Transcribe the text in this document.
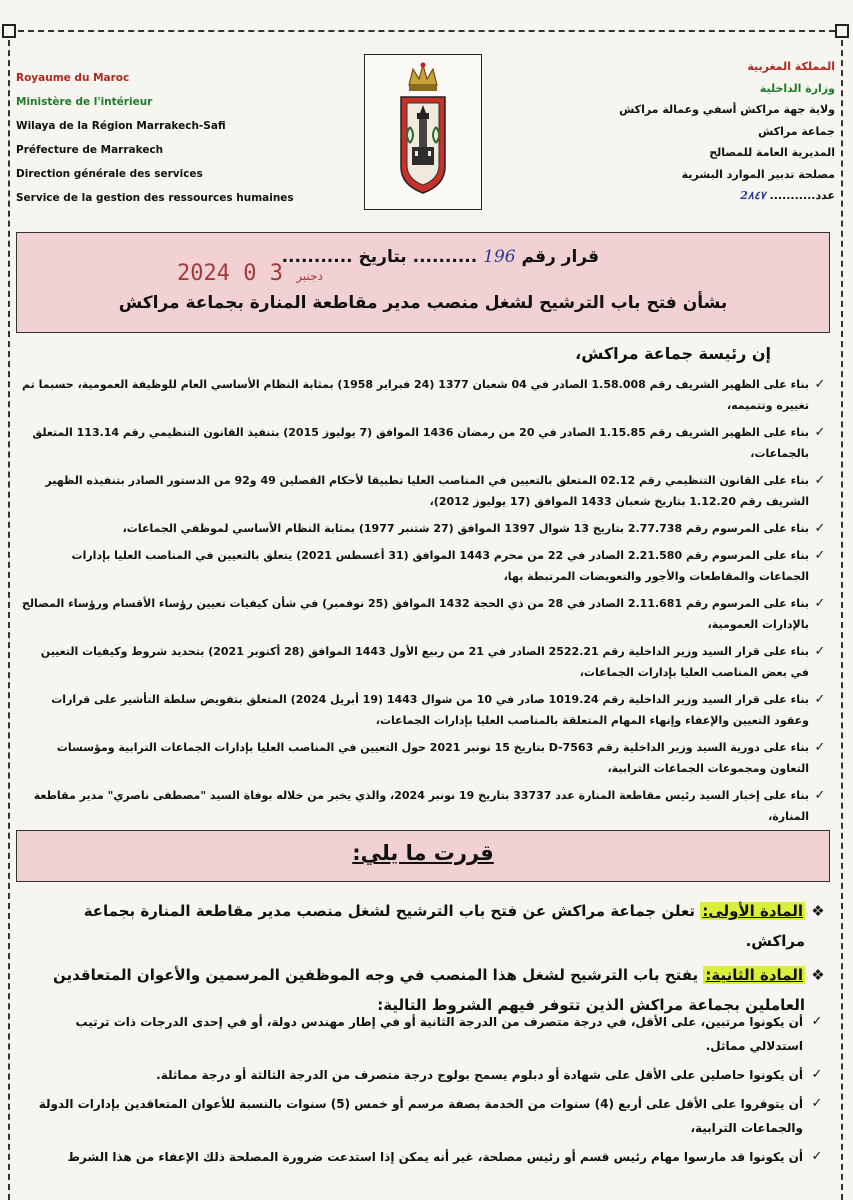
Royaume du Maroc
Ministère de l'intérieur
Wilaya de la Région Marrakech-Safi
Préfecture de Marrakech
Direction générale des services
Service de la gestion des ressources humaines
المملكة المغربية
وزارة الداخلية
ولاية جهة مراكش أسفي وعمالة مراكش
جماعة مراكش
المديرية العامة للمصالح
مصلحة تدبير الموارد البشرية
عدد........... 2٨٤٧
قرار رقم 196 .......... بتاريخ ...........
2024	دجنبر 3 0
بشأن فتح باب الترشيح لشغل منصب مدير مقاطعة المنارة بجماعة مراكش
إن رئيسة جماعة مراكش،
✓
بناء على الظهير الشريف رقم 1.58.008 الصادر في 04 شعبان 1377 (24 فبراير 1958) بمثابة النظام الأساسي العام للوظيفة العمومية، حسبما تم تغييره وتتميمه،
✓
بناء على الظهير الشريف رقم 1.15.85 الصادر في 20 من رمضان 1436 الموافق (7 يوليوز 2015) بتنفيذ القانون التنظيمي رقم 113.14 المتعلق بالجماعات،
✓
بناء على القانون التنظيمي رقم 02.12 المتعلق بالتعيين في المناصب العليا تطبيقا لأحكام الفصلين 49 و92 من الدستور الصادر بتنفيذه الظهير الشريف رقم 1.12.20 بتاريخ شعبان 1433 الموافق (17 يوليوز 2012)،
✓
بناء على المرسوم رقم 2.77.738 بتاريخ 13 شوال 1397 الموافق (27 شتنبر 1977) بمثابة النظام الأساسي لموظفي الجماعات،
✓
بناء على المرسوم رقم 2.21.580 الصادر في 22 من محرم 1443 الموافق (31 أغسطس 2021) يتعلق بالتعيين في المناصب العليا بإدارات الجماعات والمقاطعات والأجور والتعويضات المرتبطة بها،
✓
بناء على المرسوم رقم 2.11.681 الصادر في 28 من ذي الحجة 1432 الموافق (25 نوفمبر) في شأن كيفيات تعيين رؤساء الأقسام ورؤساء المصالح بالإدارات العمومية،
✓
بناء على قرار السيد وزير الداخلية رقم 2522.21 الصادر في 21 من ربيع الأول 1443 الموافق (28 أكتوبر 2021) بتحديد شروط وكيفيات التعيين في بعض المناصب العليا بإدارات الجماعات،
✓
بناء على قرار السيد وزير الداخلية رقم 1019.24 صادر في 10 من شوال 1443 (19 أبريل 2024) المتعلق بتفويض سلطة التأشير على قرارات وعقود التعيين والإعفاء وإنهاء المهام المتعلقة بالمناصب العليا بإدارات الجماعات،
✓
بناء على دورية السيد وزير الداخلية رقم D-7563 بتاريخ 15 نونبر 2021 حول التعيين في المناصب العليا بإدارات الجماعات الترابية ومؤسسات التعاون ومجموعات الجماعات الترابية،
✓
بناء على إخبار السيد رئيس مقاطعة المنارة عدد 33737 بتاريخ 19 نونبر 2024، والذي يخبر من خلاله بوفاة السيد "مصطفى ناصري" مدير مقاطعة المنارة،
قررت ما يلي:
❖
المادة الأولى: تعلن جماعة مراكش عن فتح باب الترشيح لشغل منصب مدير مقاطعة المنارة بجماعة مراكش.
❖
المادة الثانية: يفتح باب الترشيح لشغل هذا المنصب في وجه الموظفين المرسمين والأعوان المتعاقدين العاملين بجماعة مراكش الذين تتوفر فيهم الشروط التالية:
✓
أن يكونوا مرتبين، على الأقل، في درجة متصرف من الدرجة الثانية أو في إطار مهندس دولة، أو في إحدى الدرجات ذات ترتيب استدلالي مماثل.
✓
أن يكونوا حاصلين على الأقل على شهادة أو دبلوم يسمح بولوج درجة متصرف من الدرجة الثالثة أو درجة مماثلة.
✓
أن يتوفروا على الأقل على أربع (4) سنوات من الخدمة بصفة مرسم أو خمس (5) سنوات بالنسبة للأعوان المتعاقدين بإدارات الدولة والجماعات الترابية،
✓
أن يكونوا قد مارسوا مهام رئيس قسم أو رئيس مصلحة، غير أنه يمكن إذا استدعت ضرورة المصلحة ذلك الإعفاء من هذا الشرط
